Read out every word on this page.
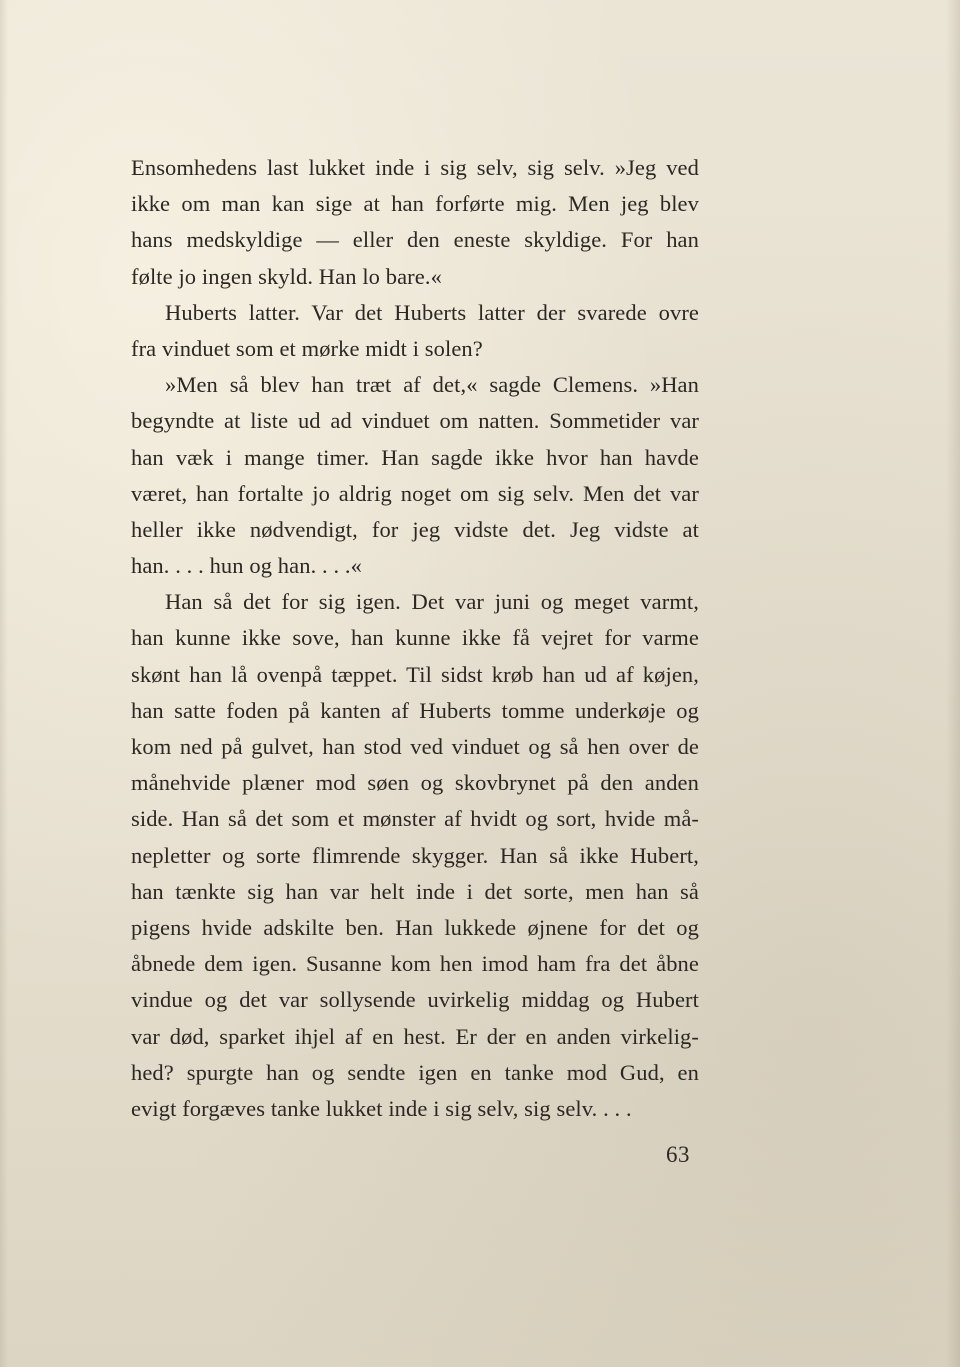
Ensomhedens last lukket inde i sig selv, sig selv. »Jeg ved
ikke om man kan sige at han forførte mig. Men jeg blev
hans medskyldige — eller den eneste skyldige. For han
følte jo ingen skyld. Han lo bare.«
Huberts latter. Var det Huberts latter der svarede ovre
fra vinduet som et mørke midt i solen?
»Men så blev han træt af det,« sagde Clemens. »Han
begyndte at liste ud ad vinduet om natten. Sommetider var
han væk i mange timer. Han sagde ikke hvor han havde
været, han fortalte jo aldrig noget om sig selv. Men det var
heller ikke nødvendigt, for jeg vidste det. Jeg vidste at
han. . . . hun og han. . . .«
Han så det for sig igen. Det var juni og meget varmt,
han kunne ikke sove, han kunne ikke få vejret for varme
skønt han lå ovenpå tæppet. Til sidst krøb han ud af køjen,
han satte foden på kanten af Huberts tomme underkøje og
kom ned på gulvet, han stod ved vinduet og så hen over de
månehvide plæner mod søen og skovbrynet på den anden
side. Han så det som et mønster af hvidt og sort, hvide må-
nepletter og sorte flimrende skygger. Han så ikke Hubert,
han tænkte sig han var helt inde i det sorte, men han så
pigens hvide adskilte ben. Han lukkede øjnene for det og
åbnede dem igen. Susanne kom hen imod ham fra det åbne
vindue og det var sollysende uvirkelig middag og Hubert
var død, sparket ihjel af en hest. Er der en anden virkelig-
hed? spurgte han og sendte igen en tanke mod Gud, en
evigt forgæves tanke lukket inde i sig selv, sig selv. . . .
63
